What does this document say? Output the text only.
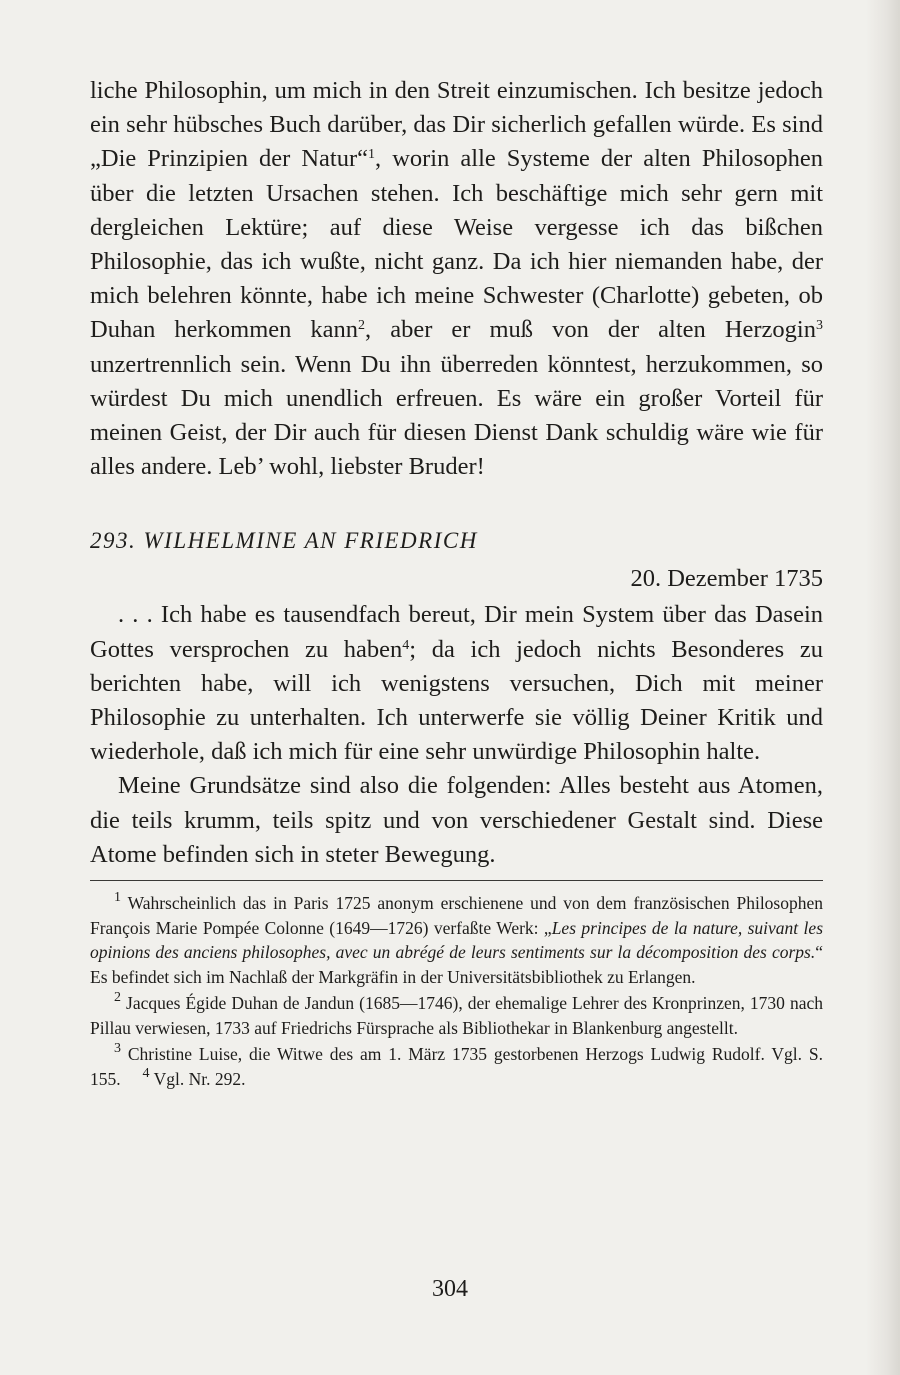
liche Philosophin, um mich in den Streit einzumischen. Ich besitze jedoch ein sehr hübsches Buch darüber, das Dir sicherlich gefallen würde. Es sind „Die Prinzipien der Natur“$^1$, worin alle Systeme der alten Philosophen über die letzten Ursachen stehen. Ich beschäftige mich sehr gern mit dergleichen Lektüre; auf diese Weise vergesse ich das bißchen Philosophie, das ich wußte, nicht ganz. Da ich hier niemanden habe, der mich belehren könnte, habe ich meine Schwester (Charlotte) gebeten, ob Duhan herkommen kann$^2$, aber er muß von der alten Herzogin$^3$ unzertrennlich sein. Wenn Du ihn überreden könntest, herzukommen, so würdest Du mich unendlich erfreuen. Es wäre ein großer Vorteil für meinen Geist, der Dir auch für diesen Dienst Dank schuldig wäre wie für alles andere. Leb’ wohl, liebster Bruder!

293. WILHELMINE AN FRIEDRICH
20. Dezember 1735

. . . Ich habe es tausendfach bereut, Dir mein System über das Dasein Gottes versprochen zu haben$^4$; da ich jedoch nichts Besonderes zu berichten habe, will ich wenigstens versuchen, Dich mit meiner Philosophie zu unterhalten. Ich unterwerfe sie völlig Deiner Kritik und wiederhole, daß ich mich für eine sehr unwürdige Philosophin halte.

Meine Grundsätze sind also die folgenden: Alles besteht aus Atomen, die teils krumm, teils spitz und von verschiedener Gestalt sind. Diese Atome befinden sich in steter Bewegung.

$^1$ Wahrscheinlich das in Paris 1725 anonym erschienene und von dem französischen Philosophen François Marie Pompée Colonne (1649—1726) verfaßte Werk: „Les principes de la nature, suivant les opinions des anciens philosophes, avec un abrégé de leurs sentiments sur la décomposition des corps.“ Es befindet sich im Nachlaß der Markgräfin in der Universitätsbibliothek zu Erlangen.

$^2$ Jacques Égide Duhan de Jandun (1685—1746), der ehemalige Lehrer des Kronprinzen, 1730 nach Pillau verwiesen, 1733 auf Friedrichs Fürsprache als Bibliothekar in Blankenburg angestellt.

$^3$ Christine Luise, die Witwe des am 1. März 1735 gestorbenen Herzogs Ludwig Rudolf. Vgl. S. 155. $^4$ Vgl. Nr. 292.

304
